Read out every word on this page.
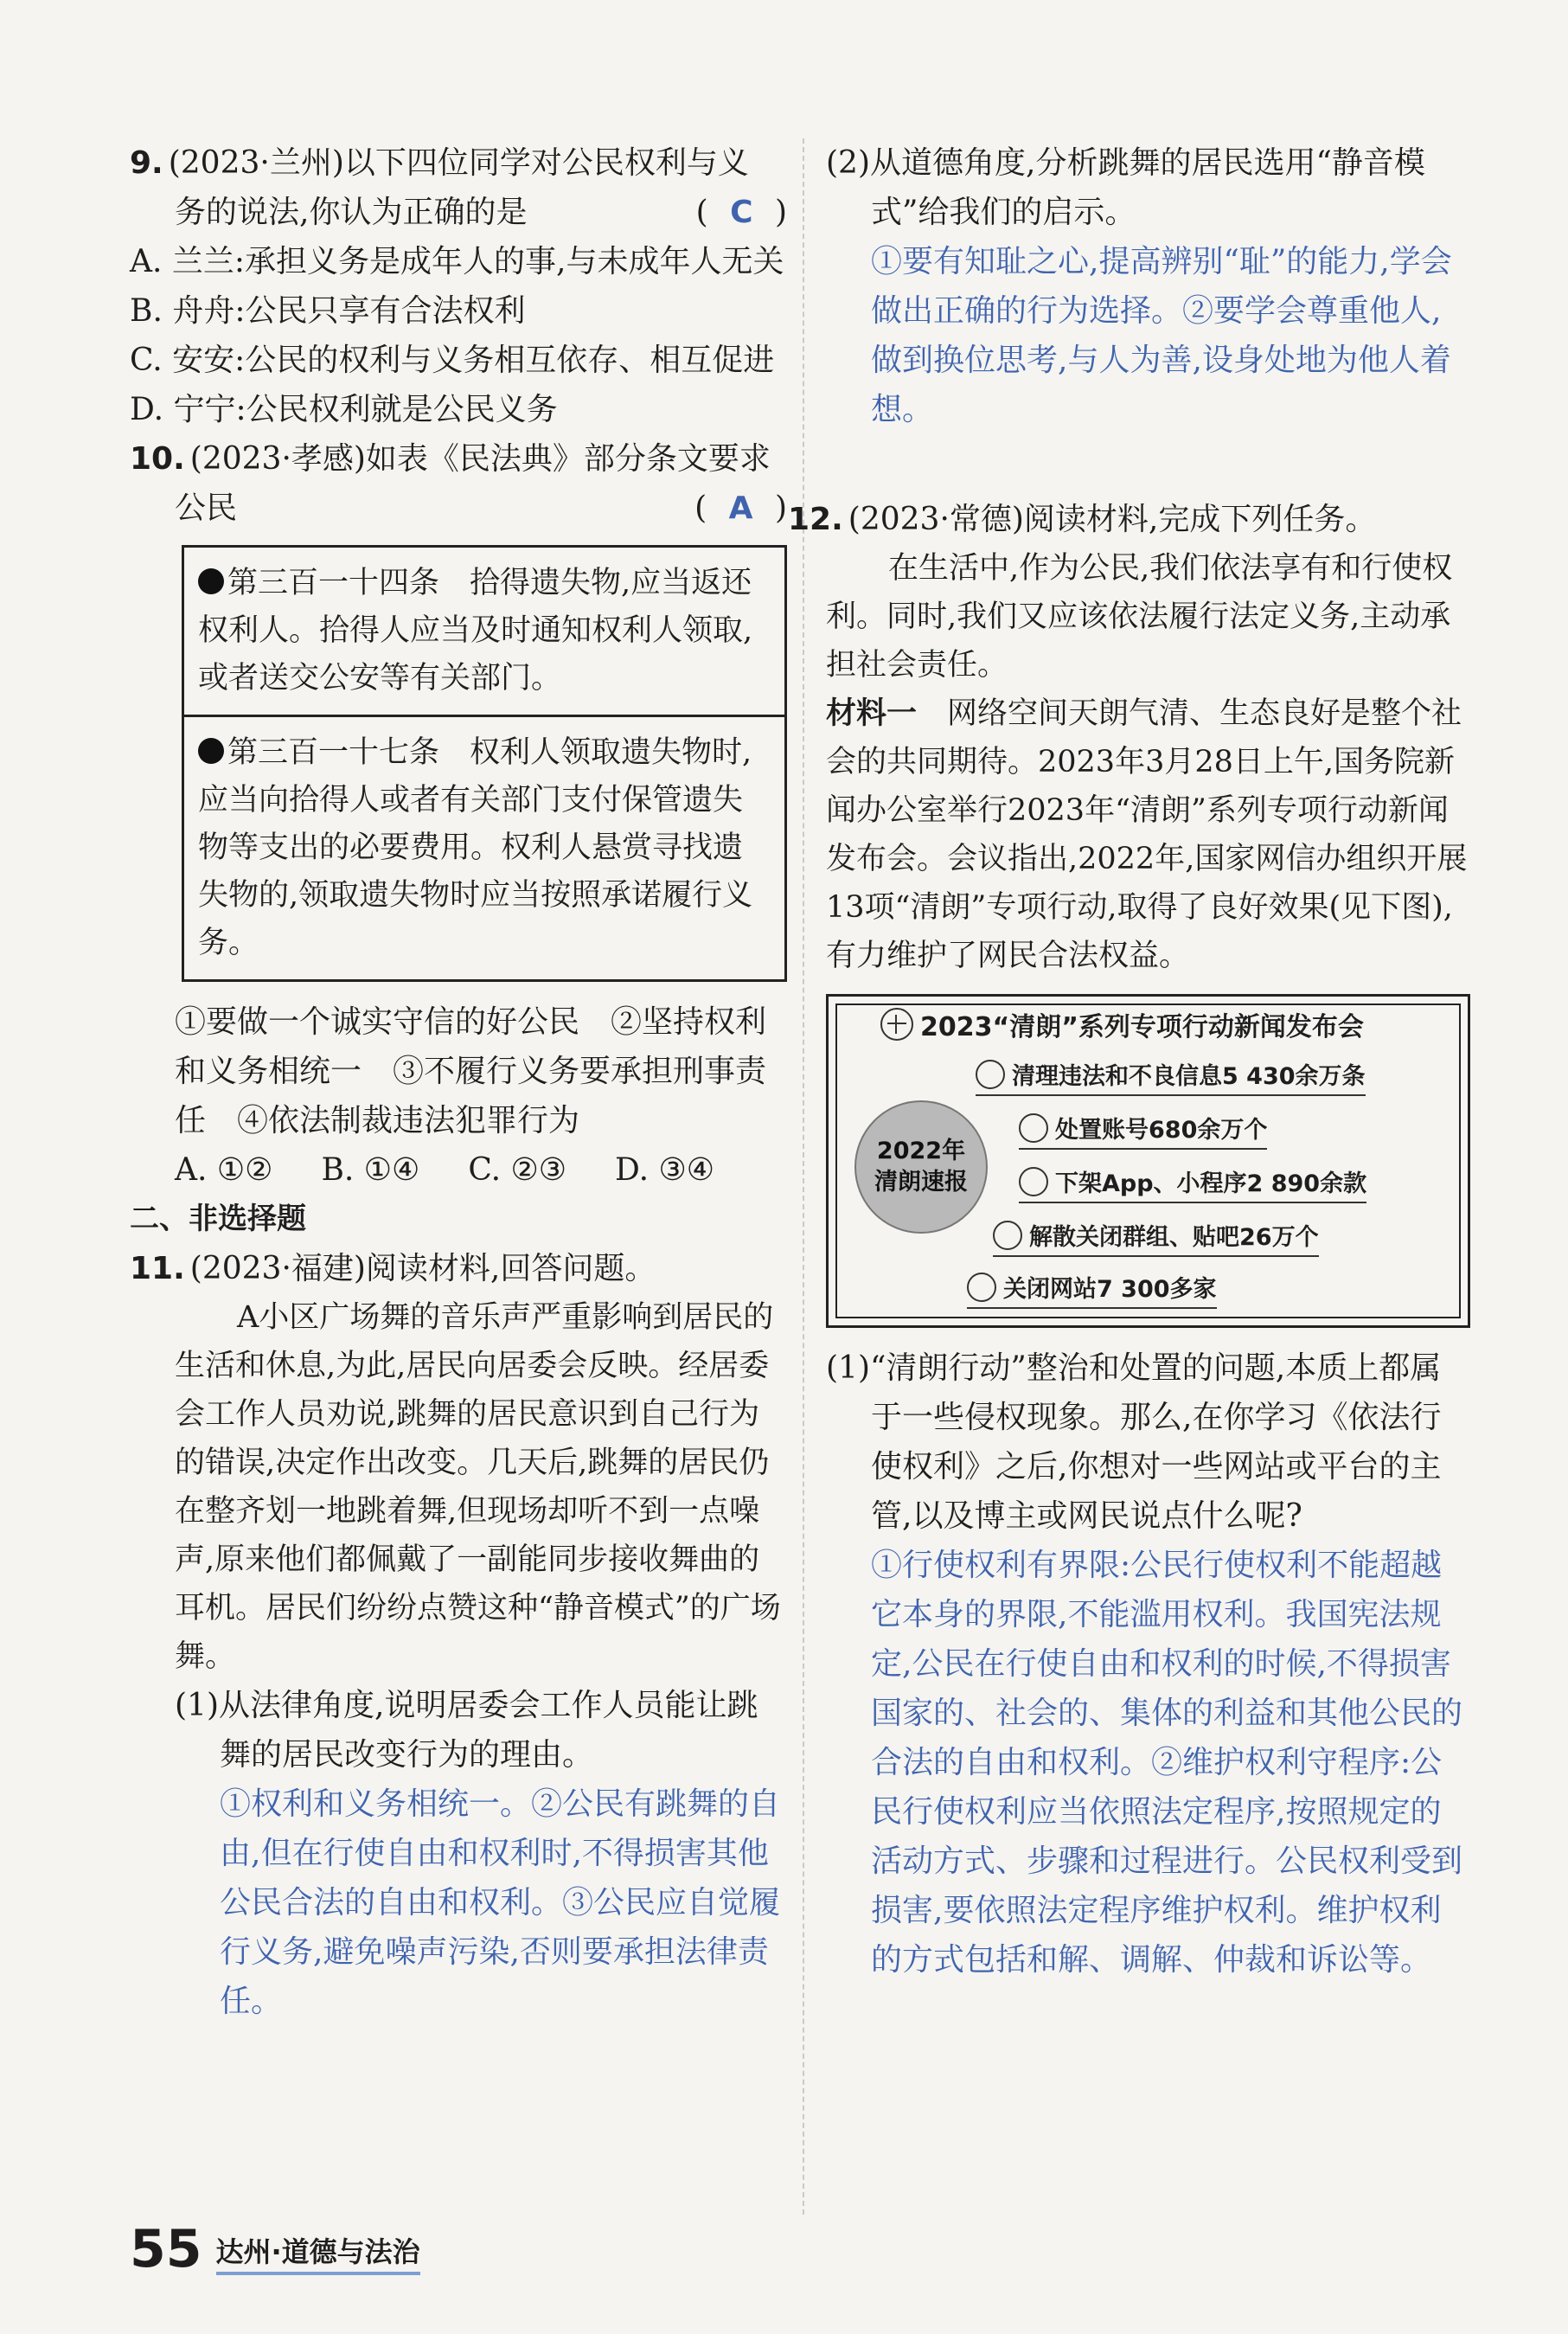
9. (2023·兰州)以下四位同学对公民权利与义
务的说法,你认为正确的是	( C )

A. 兰兰:承担义务是成年人的事,与未成年人无关

B. 舟舟:公民只享有合法权利

C. 安安:公民的权利与义务相互依存、相互促进

D. 宁宁:公民权利就是公民义务

10. (2023·孝感)如表《民法典》部分条文要求
公民	( A )
第三百一十四条　拾得遗失物,应当返还权利人。拾得人应当及时通知权利人领取,或者送交公安等有关部门。
第三百一十七条　权利人领取遗失物时,应当向拾得人或者有关部门支付保管遗失物等支出的必要费用。权利人悬赏寻找遗失物的,领取遗失物时应当按照承诺履行义务。

①要做一个诚实守信的好公民　②坚持权利和义务相统一　③不履行义务要承担刑事责任　④依法制裁违法犯罪行为

A. ①② B. ①④ C. ②③ D. ③④

二、非选择题

11. (2023·福建)阅读材料,回答问题。

A小区广场舞的音乐声严重影响到居民的生活和休息,为此,居民向居委会反映。经居委会工作人员劝说,跳舞的居民意识到自己行为的错误,决定作出改变。几天后,跳舞的居民仍在整齐划一地跳着舞,但现场却听不到一点噪声,原来他们都佩戴了一副能同步接收舞曲的耳机。居民们纷纷点赞这种“静音模式”的广场舞。

(1)从法律角度,说明居委会工作人员能让跳舞的居民改变行为的理由。

①权利和义务相统一。②公民有跳舞的自由,但在行使自由和权利时,不得损害其他公民合法的自由和权利。③公民应自觉履行义务,避免噪声污染,否则要承担法律责任。

(2)从道德角度,分析跳舞的居民选用“静音模式”给我们的启示。

①要有知耻之心,提高辨别“耻”的能力,学会做出正确的行为选择。②要学会尊重他人,做到换位思考,与人为善,设身处地为他人着想。

12. (2023·常德)阅读材料,完成下列任务。

在生活中,作为公民,我们依法享有和行使权利。同时,我们又应该依法履行法定义务,主动承担社会责任。

材料一　网络空间天朗气清、生态良好是整个社会的共同期待。2023年3月28日上午,国务院新闻办公室举行2023年“清朗”系列专项行动新闻发布会。会议指出,2022年,国家网信办组织开展13项“清朗”专项行动,取得了良好效果(见下图),有力维护了网民合法权益。

2023“清朗”系列专项行动新闻发布会
2022年
清朗速报
清理违法和不良信息5 430余万条
处置账号680余万个
下架App、小程序2 890余款
解散关闭群组、贴吧26万个
关闭网站7 300多家

(1)“清朗行动”整治和处置的问题,本质上都属于一些侵权现象。那么,在你学习《依法行使权利》之后,你想对一些网站或平台的主管,以及博主或网民说点什么呢?

①行使权利有界限:公民行使权利不能超越它本身的界限,不能滥用权利。我国宪法规定,公民在行使自由和权利的时候,不得损害国家的、社会的、集体的利益和其他公民的合法的自由和权利。②维护权利守程序:公民行使权利应当依照法定程序,按照规定的活动方式、步骤和过程进行。公民权利受到损害,要依照法定程序维护权利。维护权利的方式包括和解、调解、仲裁和诉讼等。

55 达州·道德与法治
